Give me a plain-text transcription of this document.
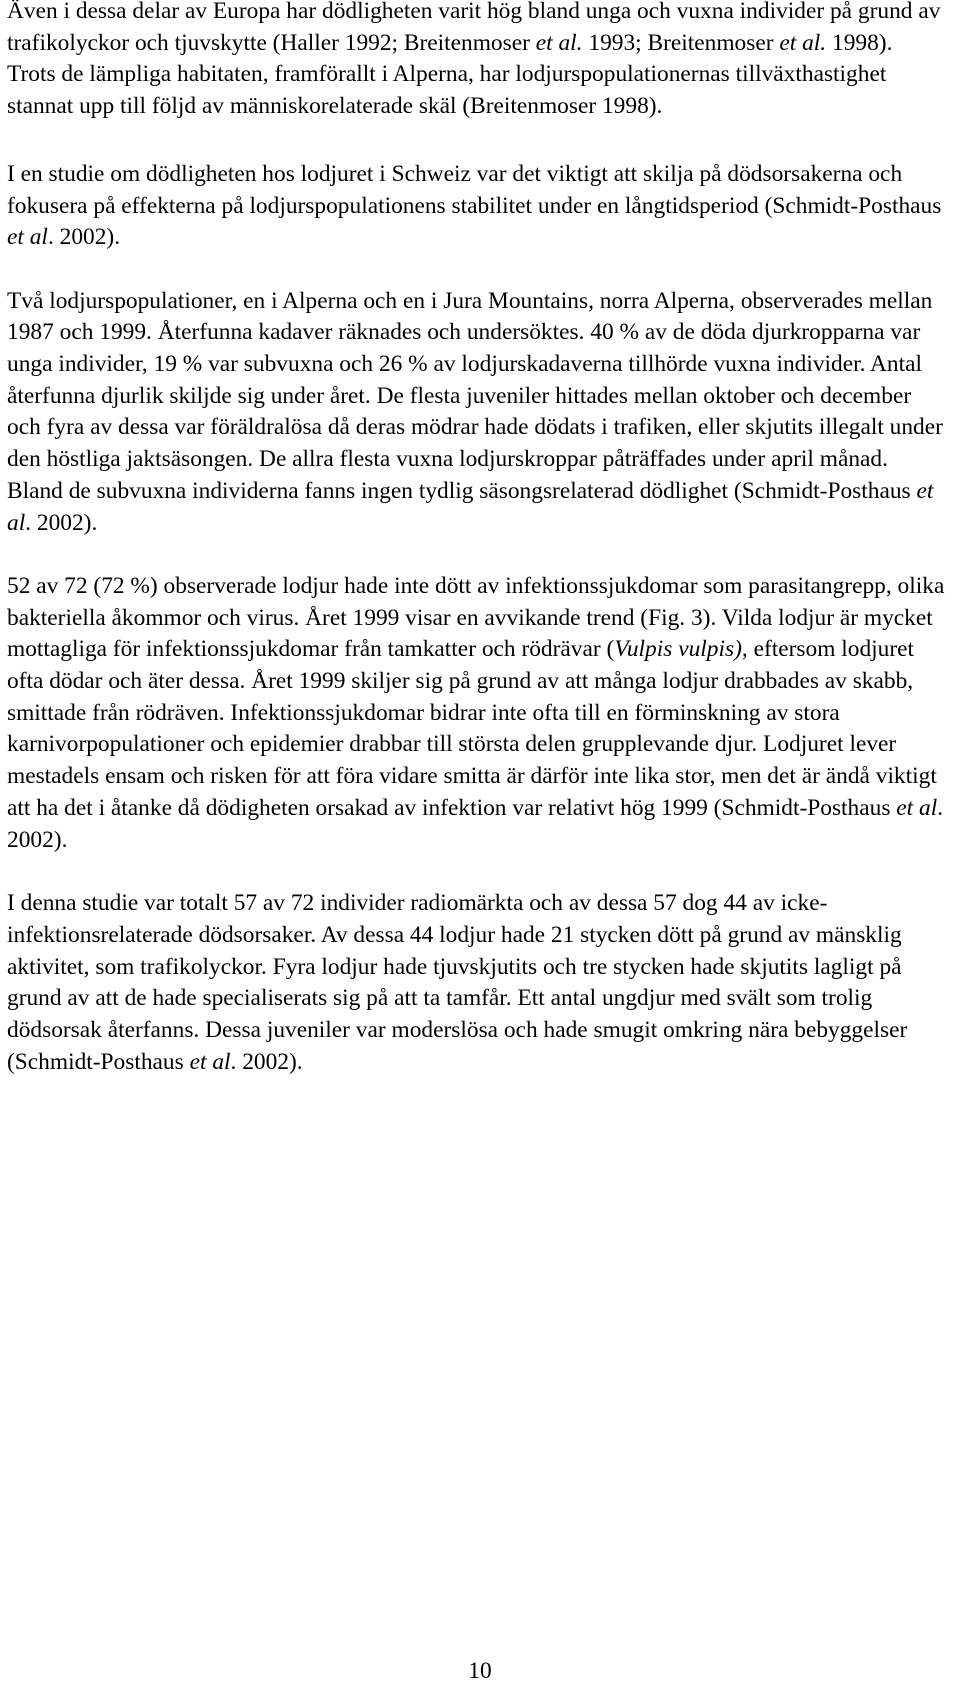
Även i dessa delar av Europa har dödligheten varit hög bland unga och vuxna individer på grund av trafikolyckor och tjuvskytte (Haller 1992; Breitenmoser et al. 1993; Breitenmoser et al. 1998). Trots de lämpliga habitaten, framförallt i Alperna, har lodjurspopulationernas tillväxthastighet stannat upp till följd av människorelaterade skäl (Breitenmoser 1998).

I en studie om dödligheten hos lodjuret i Schweiz var det viktigt att skilja på dödsorsakerna och fokusera på effekterna på lodjurspopulationens stabilitet under en långtidsperiod (Schmidt-Posthaus et al. 2002).

Två lodjurspopulationer, en i Alperna och en i Jura Mountains, norra Alperna, observerades mellan 1987 och 1999. Återfunna kadaver räknades och undersöktes. 40 % av de döda djurkropparna var unga individer, 19 % var subvuxna och 26 % av lodjurskadaverna tillhörde vuxna individer. Antal återfunna djurlik skiljde sig under året. De flesta juveniler hittades mellan oktober och december och fyra av dessa var föräldralösa då deras mödrar hade dödats i trafiken, eller skjutits illegalt under den höstliga jaktsäsongen. De allra flesta vuxna lodjurskroppar påträffades under april månad. Bland de subvuxna individerna fanns ingen tydlig säsongsrelaterad dödlighet (Schmidt-Posthaus et al. 2002).

52 av 72 (72 %) observerade lodjur hade inte dött av infektionssjukdomar som parasitangrepp, olika bakteriella åkommor och virus. Året 1999 visar en avvikande trend (Fig. 3). Vilda lodjur är mycket mottagliga för infektionssjukdomar från tamkatter och rödrävar (Vulpis vulpis), eftersom lodjuret ofta dödar och äter dessa. Året 1999 skiljer sig på grund av att många lodjur drabbades av skabb, smittade från rödräven. Infektionssjukdomar bidrar inte ofta till en förminskning av stora karnivorpopulationer och epidemier drabbar till största delen grupplevande djur. Lodjuret lever mestadels ensam och risken för att föra vidare smitta är därför inte lika stor, men det är ändå viktigt att ha det i åtanke då dödigheten orsakad av infektion var relativt hög 1999 (Schmidt-Posthaus et al. 2002).

I denna studie var totalt 57 av 72 individer radiomärkta och av dessa 57 dog 44 av icke- infektionsrelaterade dödsorsaker. Av dessa 44 lodjur hade 21 stycken dött på grund av mänsklig aktivitet, som trafikolyckor. Fyra lodjur hade tjuvskjutits och tre stycken hade skjutits lagligt på grund av att de hade specialiserats sig på att ta tamfår. Ett antal ungdjur med svält som trolig dödsorsak återfanns. Dessa juveniler var moderslösa och hade smugit omkring nära bebyggelser (Schmidt-Posthaus et al. 2002).

10
